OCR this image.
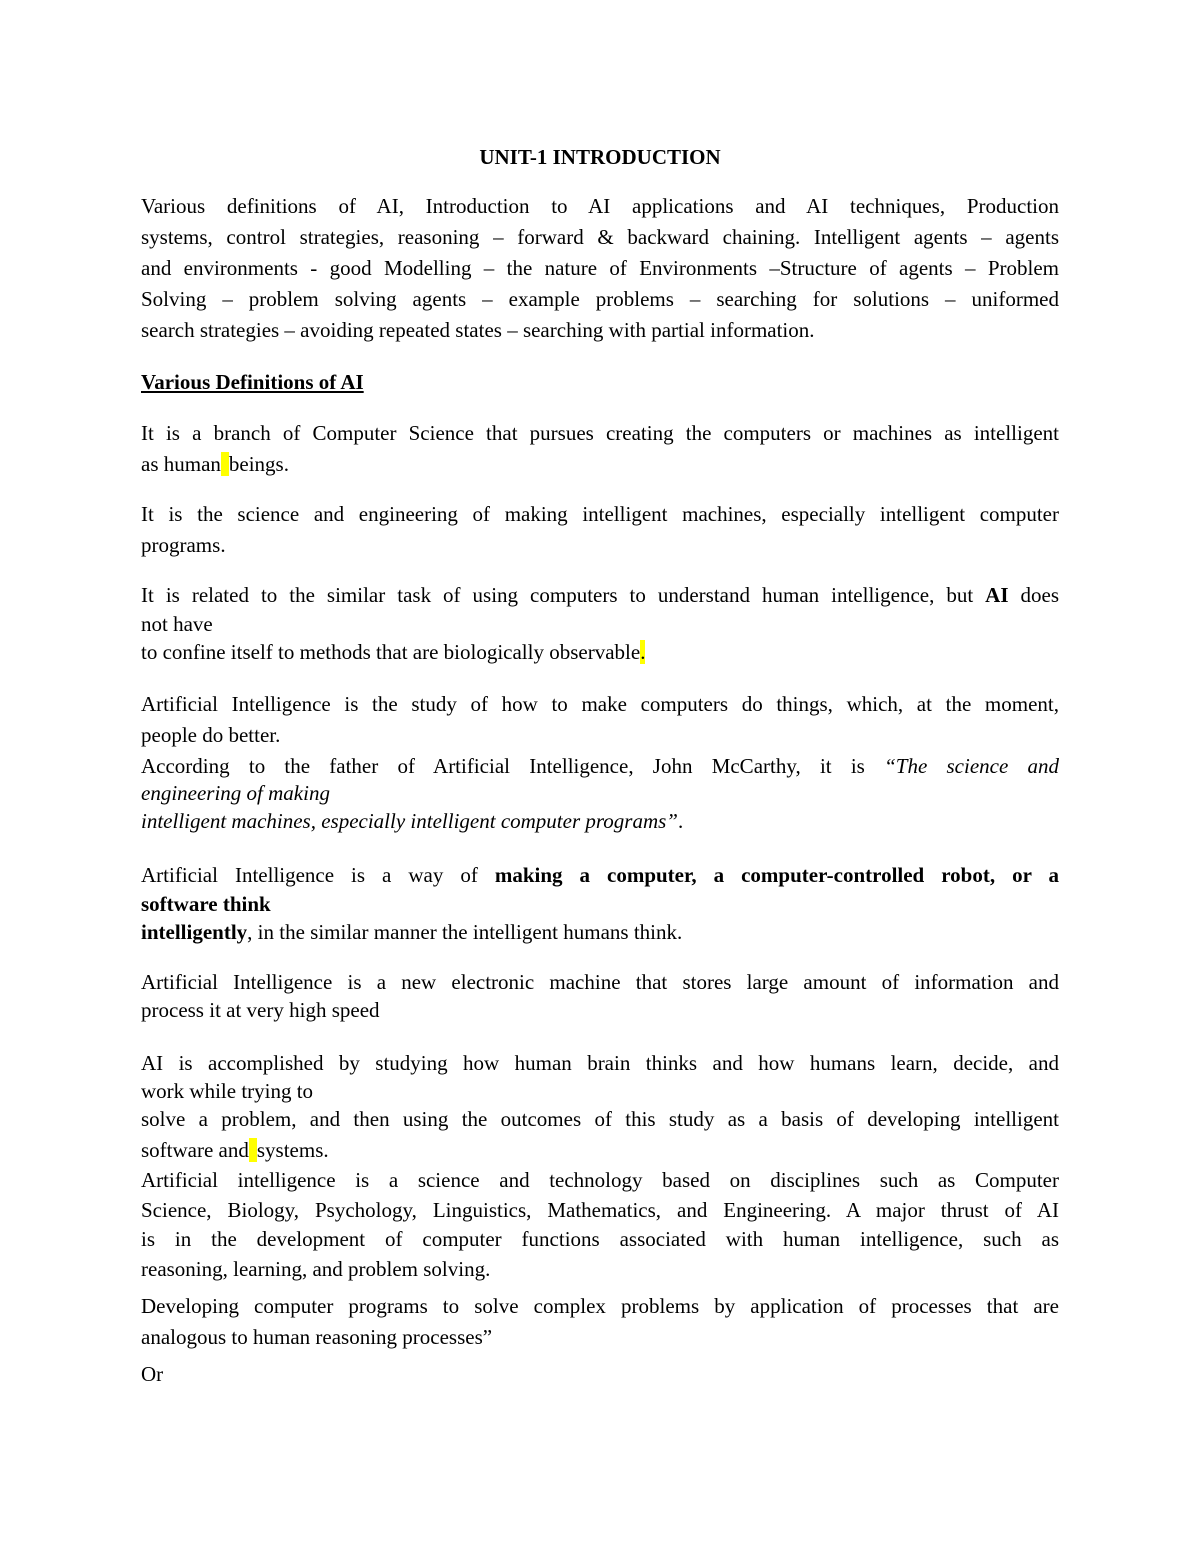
UNIT-1 INTRODUCTION

Various definitions of AI, Introduction to AI applications and AI techniques, Production
systems, control strategies, reasoning – forward & backward chaining. Intelligent agents – agents
and environments - good Modelling – the nature of Environments –Structure of agents – Problem
Solving – problem solving agents – example problems – searching for solutions – uniformed
search strategies – avoiding repeated states – searching with partial information.
Various Definitions of AI
It is a branch of Computer Science that pursues creating the computers or machines as intelligent
as human beings.
It is the science and engineering of making intelligent machines, especially intelligent computer
programs.
It is related to the similar task of using computers to understand human intelligence, but AI does
not have
to confine itself to methods that are biologically observable.
Artificial Intelligence is the study of how to make computers do things, which, at the moment,
people do better.
According to the father of Artificial Intelligence, John McCarthy, it is “The science and
engineering of making
intelligent machines, especially intelligent computer programs”.
Artificial Intelligence is a way of making a computer, a computer-controlled robot, or a
software think
intelligently, in the similar manner the intelligent humans think.
Artificial Intelligence is a new electronic machine that stores large amount of information and
process it at very high speed
AI is accomplished by studying how human brain thinks and how humans learn, decide, and
work while trying to
solve a problem, and then using the outcomes of this study as a basis of developing intelligent
software and systems.
Artificial intelligence is a science and technology based on disciplines such as Computer
Science, Biology, Psychology, Linguistics, Mathematics, and Engineering. A major thrust of AI
is in the development of computer functions associated with human intelligence, such as
reasoning, learning, and problem solving.
Developing computer programs to solve complex problems by application of processes that are
analogous to human reasoning processes”
Or
